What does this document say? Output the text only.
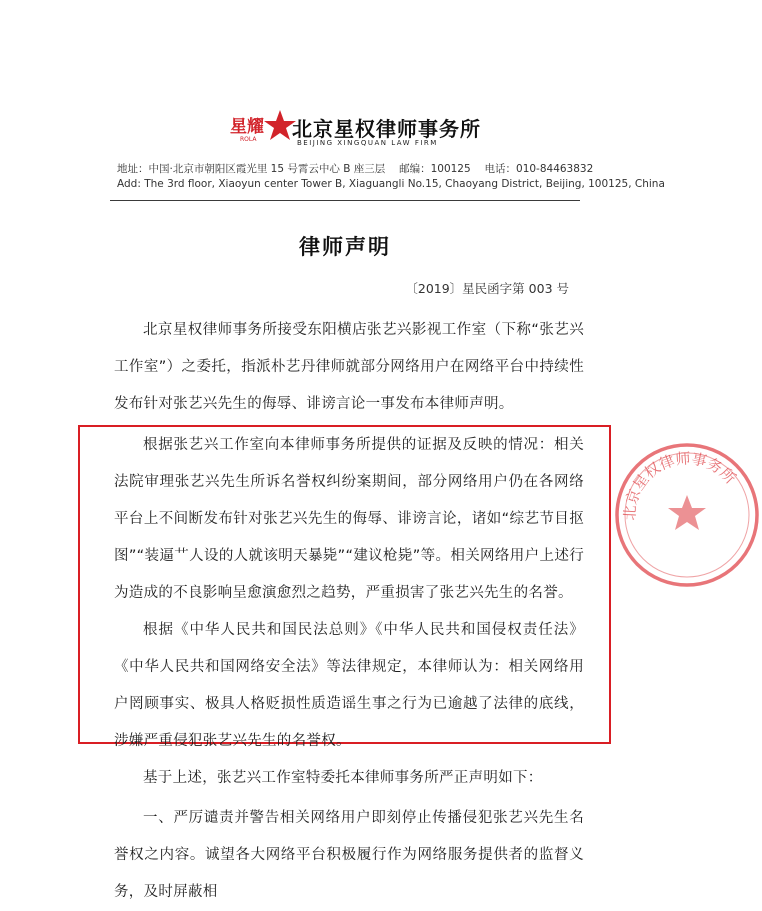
星耀
ROLA 北京星权律师事务所
BEIJING XINGQUAN LAW FIRM
地址：中国·北京市朝阳区霞光里 15 号霄云中心 B 座三层　 邮编：100125　 电话：010-84463832
Add: The 3rd floor, Xiaoyun center Tower B, Xiaguangli No.15, Chaoyang District, Beijing, 100125, China
律师声明
〔2019〕星民函字第 003 号

北京星权律师事务所接受东阳横店张艺兴影视工作室（下称“张艺兴工作室”）之委托，指派朴艺丹律师就部分网络用户在网络平台中持续性发布针对张艺兴先生的侮辱、诽谤言论一事发布本律师声明。

根据张艺兴工作室向本律师事务所提供的证据及反映的情况：相关法院审理张艺兴先生所诉名誉权纠纷案期间，部分网络用户仍在各网络平台上不间断发布针对张艺兴先生的侮辱、诽谤言论，诸如“综艺节目抠图”“装逼艹人设的人就该明天暴毙”“建议枪毙”等。相关网络用户上述行为造成的不良影响呈愈演愈烈之趋势，严重损害了张艺兴先生的名誉。

根据《中华人民共和国民法总则》《中华人民共和国侵权责任法》《中华人民共和国网络安全法》等法律规定，本律师认为：相关网络用户罔顾事实、极具人格贬损性质造谣生事之行为已逾越了法律的底线，涉嫌严重侵犯张艺兴先生的名誉权。

基于上述，张艺兴工作室特委托本律师事务所严正声明如下：

一、严厉谴责并警告相关网络用户即刻停止传播侵犯张艺兴先生名誉权之内容。诚望各大网络平台积极履行作为网络服务提供者的监督义务，及时屏蔽相

北京星权律师事务所
